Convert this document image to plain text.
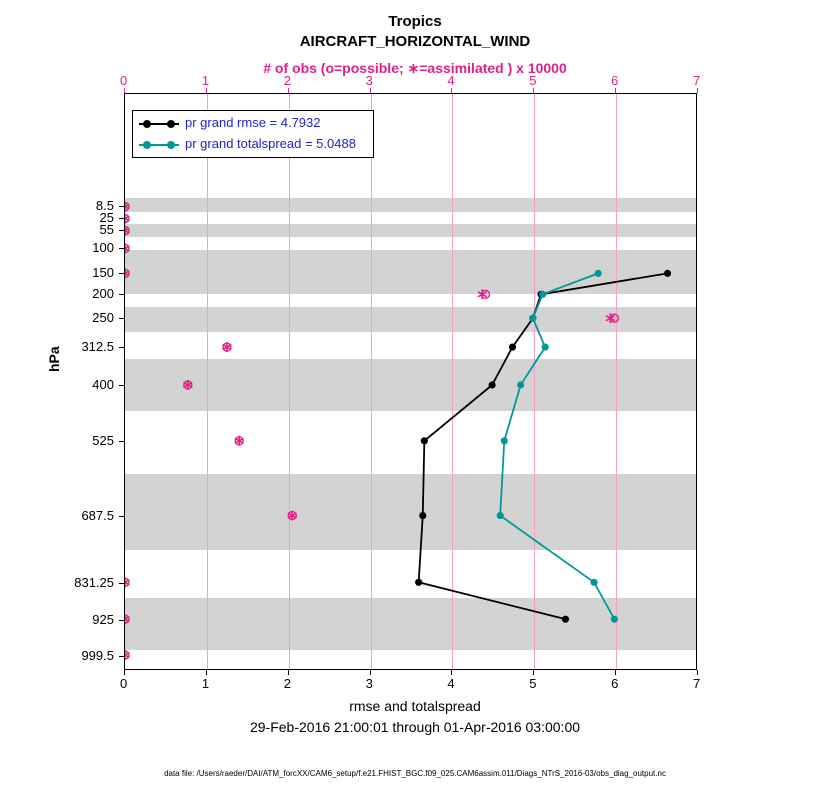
Tropics
AIRCRAFT_HORIZONTAL_WIND
# of obs (o=possible; ∗=assimilated ) x 10000
0	1	2	3	4	5	6	7
0	1	2	3	4	5	6	7
8.5
25
55
100
150
200
250
312.5
400
525
687.5
831.25
925
999.5
hPa
pr grand rmse = 4.7932
pr grand totalspread = 5.0488
rmse and totalspread
29-Feb-2016 21:00:01 through 01-Apr-2016 03:00:00
data file: /Users/raeder/DAI/ATM_forcXX/CAM6_setup/f.e21.FHIST_BGC.f09_025.CAM6assim.011/Diags_NTrS_2016-03/obs_diag_output.nc
